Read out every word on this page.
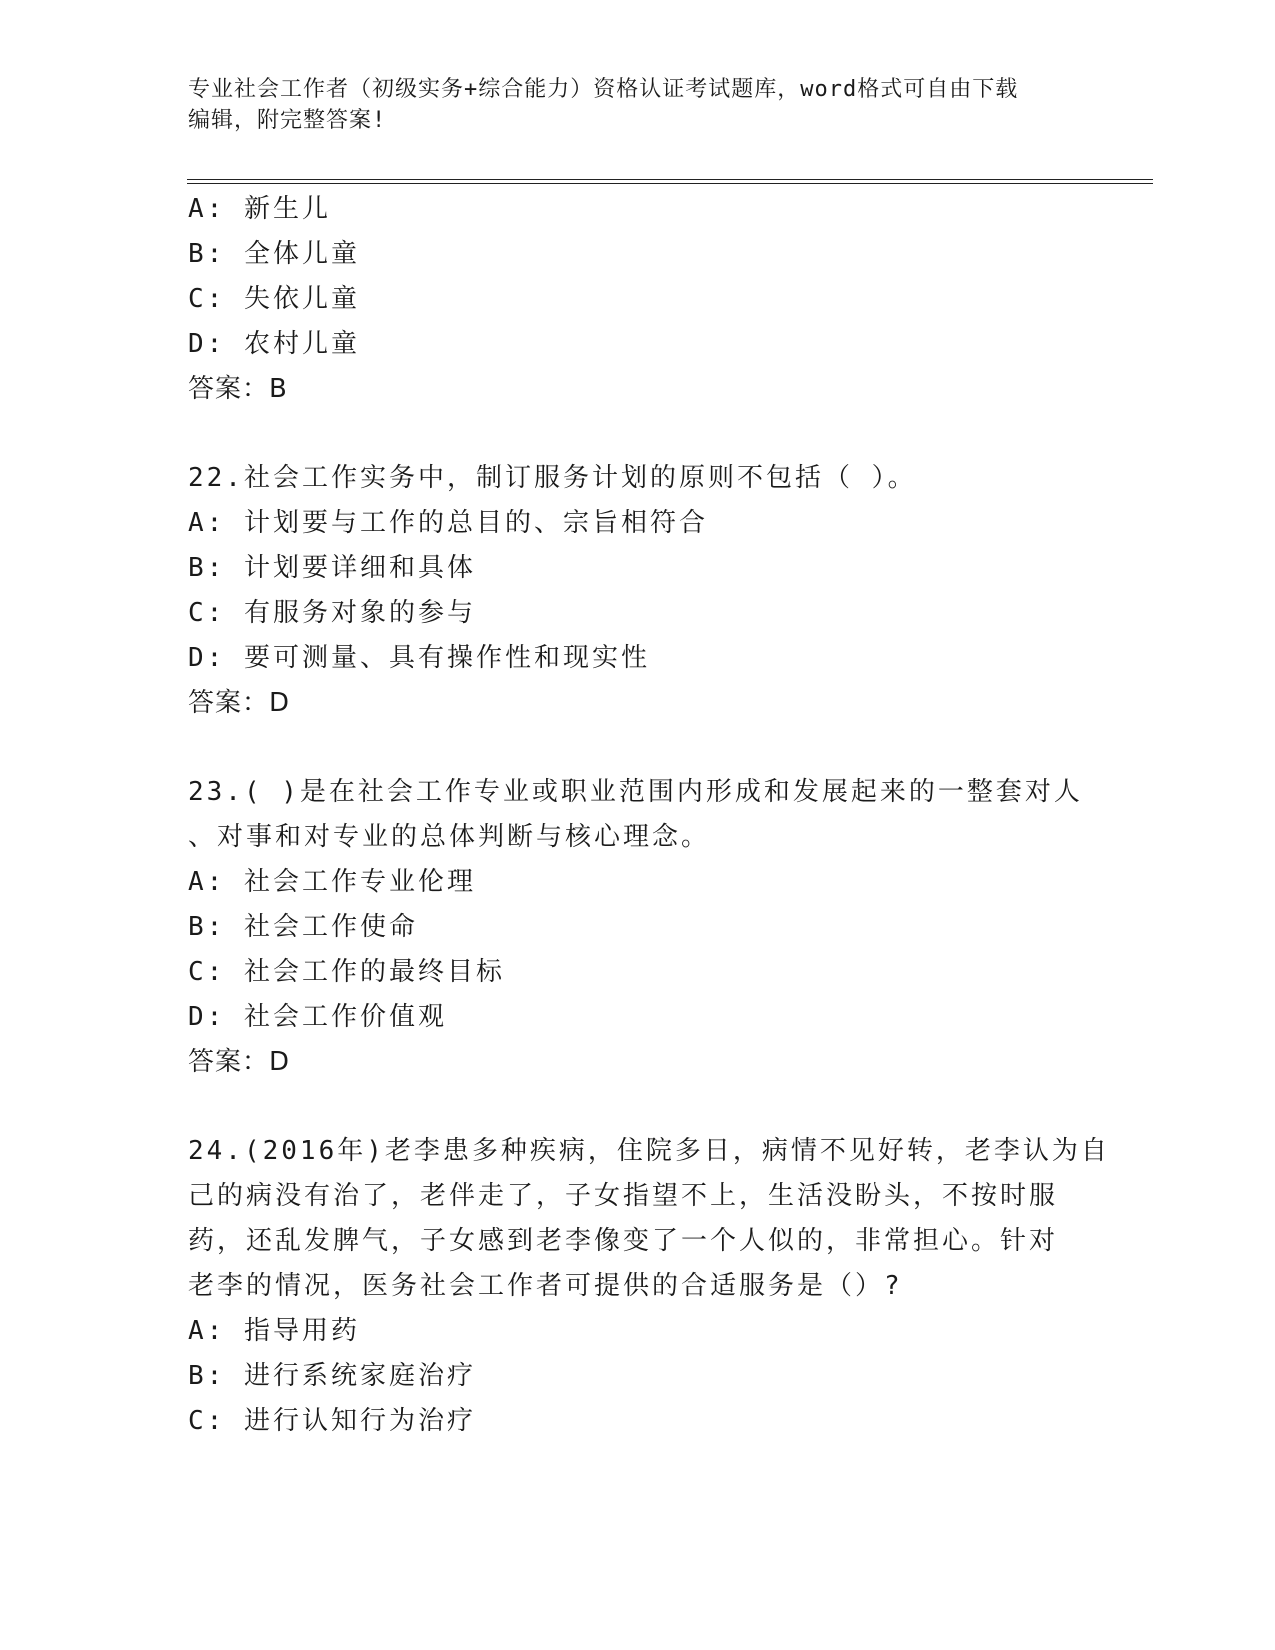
专业社会工作者（初级实务+综合能力）资格认证考试题库，word格式可自由下载
编辑，附完整答案!
A: 新生儿
B: 全体儿童
C: 失依儿童
D: 农村儿童
答案：B
22.社会工作实务中，制订服务计划的原则不包括（ ）。
A: 计划要与工作的总目的、宗旨相符合
B: 计划要详细和具体
C: 有服务对象的参与
D: 要可测量、具有操作性和现实性
答案：D
23.( )是在社会工作专业或职业范围内形成和发展起来的一整套对人
、对事和对专业的总体判断与核心理念。
A: 社会工作专业伦理
B: 社会工作使命
C: 社会工作的最终目标
D: 社会工作价值观
答案：D
24.(2016年)老李患多种疾病，住院多日，病情不见好转，老李认为自
己的病没有治了，老伴走了，子女指望不上，生活没盼头，不按时服
药，还乱发脾气，子女感到老李像变了一个人似的，非常担心。针对
老李的情况，医务社会工作者可提供的合适服务是（）?
A: 指导用药
B: 进行系统家庭治疗
C: 进行认知行为治疗
